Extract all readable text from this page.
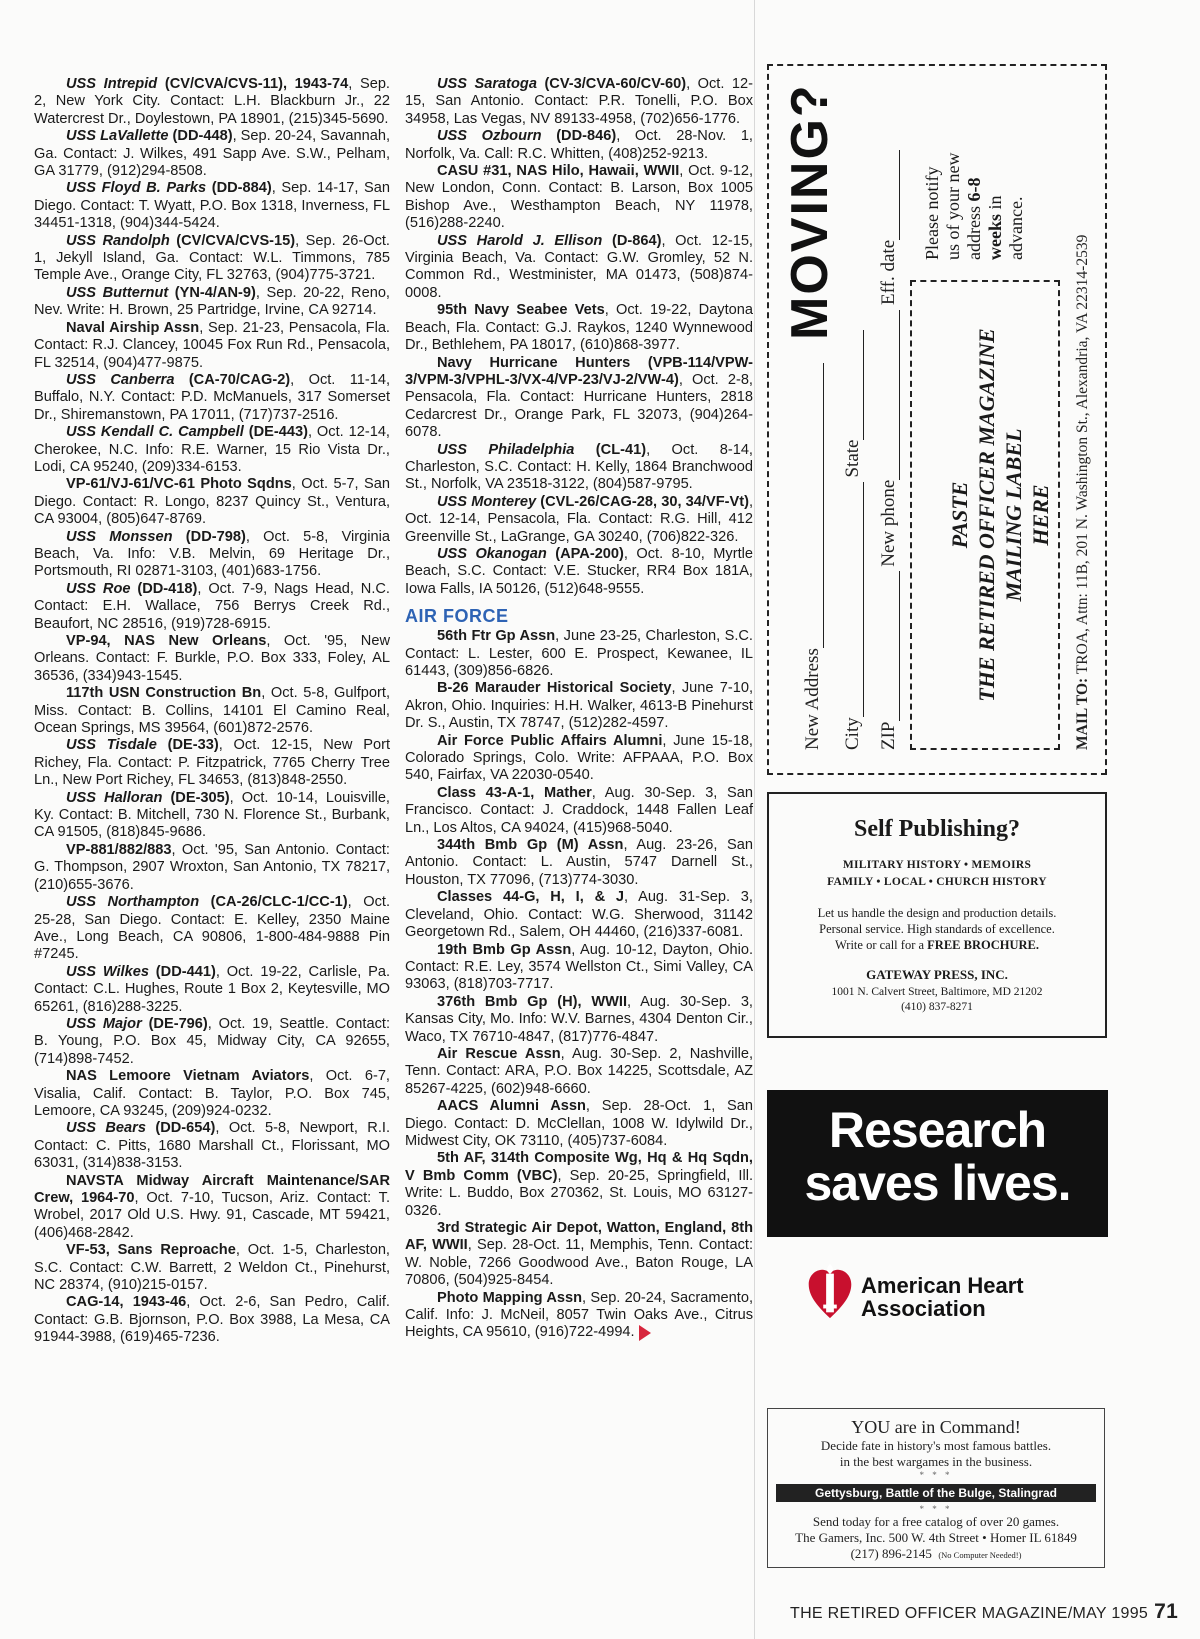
USS Intrepid (CV/CVA/CVS-11), 1943-74, Sep. 2, New York City. Contact: L.H. Blackburn Jr., 22 Watercrest Dr., Doylestown, PA 18901, (215)345-5690.

USS LaVallette (DD-448), Sep. 20-24, Savannah, Ga. Contact: J. Wilkes, 491 Sapp Ave. S.W., Pelham, GA 31779, (912)294-8508.

USS Floyd B. Parks (DD-884), Sep. 14-17, San Diego. Contact: T. Wyatt, P.O. Box 1318, Inverness, FL 34451-1318, (904)344-5424.

USS Randolph (CV/CVA/CVS-15), Sep. 26-Oct. 1, Jekyll Island, Ga. Contact: W.L. Timmons, 785 Temple Ave., Orange City, FL 32763, (904)775-3721.

USS Butternut (YN-4/AN-9), Sep. 20-22, Reno, Nev. Write: H. Brown, 25 Partridge, Irvine, CA 92714.

Naval Airship Assn, Sep. 21-23, Pensacola, Fla. Contact: R.J. Clancey, 10045 Fox Run Rd., Pensacola, FL 32514, (904)477-9875.

USS Canberra (CA-70/CAG-2), Oct. 11-14, Buffalo, N.Y. Contact: P.D. McManuels, 317 Somerset Dr., Shiremanstown, PA 17011, (717)737-2516.

USS Kendall C. Campbell (DE-443), Oct. 12-14, Cherokee, N.C. Info: R.E. Warner, 15 Rio Vista Dr., Lodi, CA 95240, (209)334-6153.

VP-61/VJ-61/VC-61 Photo Sqdns, Oct. 5-7, San Diego. Contact: R. Longo, 8237 Quincy St., Ventura, CA 93004, (805)647-8769.

USS Monssen (DD-798), Oct. 5-8, Virginia Beach, Va. Info: V.B. Melvin, 69 Heritage Dr., Portsmouth, RI 02871-3103, (401)683-1756.

USS Roe (DD-418), Oct. 7-9, Nags Head, N.C. Contact: E.H. Wallace, 756 Berrys Creek Rd., Beaufort, NC 28516, (919)728-6915.

VP-94, NAS New Orleans, Oct. '95, New Orleans. Contact: F. Burkle, P.O. Box 333, Foley, AL 36536, (334)943-1545.

117th USN Construction Bn, Oct. 5-8, Gulfport, Miss. Contact: B. Collins, 14101 El Camino Real, Ocean Springs, MS 39564, (601)872-2576.

USS Tisdale (DE-33), Oct. 12-15, New Port Richey, Fla. Contact: P. Fitzpatrick, 7765 Cherry Tree Ln., New Port Richey, FL 34653, (813)848-2550.

USS Halloran (DE-305), Oct. 10-14, Louisville, Ky. Contact: B. Mitchell, 730 N. Florence St., Burbank, CA 91505, (818)845-9686.

VP-881/882/883, Oct. '95, San Antonio. Contact: G. Thompson, 2907 Wroxton, San Antonio, TX 78217, (210)655-3676.

USS Northampton (CA-26/CLC-1/CC-1), Oct. 25-28, San Diego. Contact: E. Kelley, 2350 Maine Ave., Long Beach, CA 90806, 1-800-484-9888 Pin #7245.

USS Wilkes (DD-441), Oct. 19-22, Carlisle, Pa. Contact: C.L. Hughes, Route 1 Box 2, Keytesville, MO 65261, (816)288-3225.

USS Major (DE-796), Oct. 19, Seattle. Contact: B. Young, P.O. Box 45, Midway City, CA 92655, (714)898-7452.

NAS Lemoore Vietnam Aviators, Oct. 6-7, Visalia, Calif. Contact: B. Taylor, P.O. Box 745, Lemoore, CA 93245, (209)924-0232.

USS Bears (DD-654), Oct. 5-8, Newport, R.I. Contact: C. Pitts, 1680 Marshall Ct., Florissant, MO 63031, (314)838-3153.

NAVSTA Midway Aircraft Maintenance/SAR Crew, 1964-70, Oct. 7-10, Tucson, Ariz. Contact: T. Wrobel, 2017 Old U.S. Hwy. 91, Cascade, MT 59421, (406)468-2842.

VF-53, Sans Reproache, Oct. 1-5, Charleston, S.C. Contact: C.W. Barrett, 2 Weldon Ct., Pinehurst, NC 28374, (910)215-0157.

CAG-14, 1943-46, Oct. 2-6, San Pedro, Calif. Contact: G.B. Bjornson, P.O. Box 3988, La Mesa, CA 91944-3988, (619)465-7236.

USS Saratoga (CV-3/CVA-60/CV-60), Oct. 12-15, San Antonio. Contact: P.R. Tonelli, P.O. Box 34958, Las Vegas, NV 89133-4958, (702)656-1776.

USS Ozbourn (DD-846), Oct. 28-Nov. 1, Norfolk, Va. Call: R.C. Whitten, (408)252-9213.

CASU #31, NAS Hilo, Hawaii, WWII, Oct. 9-12, New London, Conn. Contact: B. Larson, Box 1005 Bishop Ave., Westhampton Beach, NY 11978, (516)288-2240.

USS Harold J. Ellison (D-864), Oct. 12-15, Virginia Beach, Va. Contact: G.W. Gromley, 52 N. Common Rd., Westminister, MA 01473, (508)874-0008.

95th Navy Seabee Vets, Oct. 19-22, Daytona Beach, Fla. Contact: G.J. Raykos, 1240 Wynnewood Dr., Bethlehem, PA 18017, (610)868-3977.

Navy Hurricane Hunters (VPB-114/VPW-3/VPM-3/VPHL-3/VX-4/VP-23/VJ-2/VW-4), Oct. 2-8, Pensacola, Fla. Contact: Hurricane Hunters, 2818 Cedarcrest Dr., Orange Park, FL 32073, (904)264-6078.

USS Philadelphia (CL-41), Oct. 8-14, Charleston, S.C. Contact: H. Kelly, 1864 Branchwood St., Norfolk, VA 23518-3122, (804)587-9795.

USS Monterey (CVL-26/CAG-28, 30, 34/VF-Vt), Oct. 12-14, Pensacola, Fla. Contact: R.G. Hill, 412 Greenville St., LaGrange, GA 30240, (706)822-326.

USS Okanogan (APA-200), Oct. 8-10, Myrtle Beach, S.C. Contact: V.E. Stucker, RR4 Box 181A, Iowa Falls, IA 50126, (512)648-9555.

AIR FORCE

56th Ftr Gp Assn, June 23-25, Charleston, S.C. Contact: L. Lester, 600 E. Prospect, Kewanee, IL 61443, (309)856-6826.

B-26 Marauder Historical Society, June 7-10, Akron, Ohio. Inquiries: H.H. Walker, 4613-B Pinehurst Dr. S., Austin, TX 78747, (512)282-4597.

Air Force Public Affairs Alumni, June 15-18, Colorado Springs, Colo. Write: AFPAAA, P.O. Box 540, Fairfax, VA 22030-0540.

Class 43-A-1, Mather, Aug. 30-Sep. 3, San Francisco. Contact: J. Craddock, 1448 Fallen Leaf Ln., Los Altos, CA 94024, (415)968-5040.

344th Bmb Gp (M) Assn, Aug. 23-26, San Antonio. Contact: L. Austin, 5747 Darnell St., Houston, TX 77096, (713)774-3030.

Classes 44-G, H, I, & J, Aug. 31-Sep. 3, Cleveland, Ohio. Contact: W.G. Sherwood, 31142 Georgetown Rd., Salem, OH 44460, (216)337-6081.

19th Bmb Gp Assn, Aug. 10-12, Dayton, Ohio. Contact: R.E. Ley, 3574 Wellston Ct., Simi Valley, CA 93063, (818)703-7717.

376th Bmb Gp (H), WWII, Aug. 30-Sep. 3, Kansas City, Mo. Info: W.V. Barnes, 4304 Denton Cir., Waco, TX 76710-4847, (817)776-4847.

Air Rescue Assn, Aug. 30-Sep. 2, Nashville, Tenn. Contact: ARA, P.O. Box 14225, Scottsdale, AZ 85267-4225, (602)948-6660.

AACS Alumni Assn, Sep. 28-Oct. 1, San Diego. Contact: D. McClellan, 1008 W. Idylwild Dr., Midwest City, OK 73110, (405)737-6084.

5th AF, 314th Composite Wg, Hq & Hq Sqdn, V Bmb Comm (VBC), Sep. 20-25, Springfield, Ill. Write: L. Buddo, Box 270362, St. Louis, MO 63127-0326.

3rd Strategic Air Depot, Watton, England, 8th AF, WWII, Sep. 28-Oct. 11, Memphis, Tenn. Contact: W. Noble, 7266 Goodwood Ave., Baton Rouge, LA 70806, (504)925-8454.

Photo Mapping Assn, Sep. 20-24, Sacramento, Calif. Info: J. McNeil, 8057 Twin Oaks Ave., Citrus Heights, CA 95610, (916)722-4994.

MOVING?
New Address City State
ZIP New phone Eff. date
PASTE THE RETIRED OFFICER MAGAZINE MAILING LABEL HERE
Please notify us of your new address 6-8
weeks in advance.
MAIL TO: TROA, Attn: 11B, 201 N. Washington St., Alexandria, VA 22314-2539
Self Publishing?
MILITARY HISTORY • MEMOIRS
FAMILY • LOCAL • CHURCH HISTORY
Let us handle the design and production details.
Personal service. High standards of excellence.
Write or call for a FREE BROCHURE.
GATEWAY PRESS, INC.
1001 N. Calvert Street, Baltimore, MD 21202
(410) 837-8271
Research
saves lives.
American Heart
Association
YOU are in Command!
Decide fate in history's most famous battles.
in the best wargames in the business.
* * *
Gettysburg, Battle of the Bulge, Stalingrad
* * *
Send today for a free catalog of over 20 games.
The Gamers, Inc. 500 W. 4th Street • Homer IL 61849
(217) 896-2145 (No Computer Needed!)
THE RETIRED OFFICER MAGAZINE/MAY 1995 71
